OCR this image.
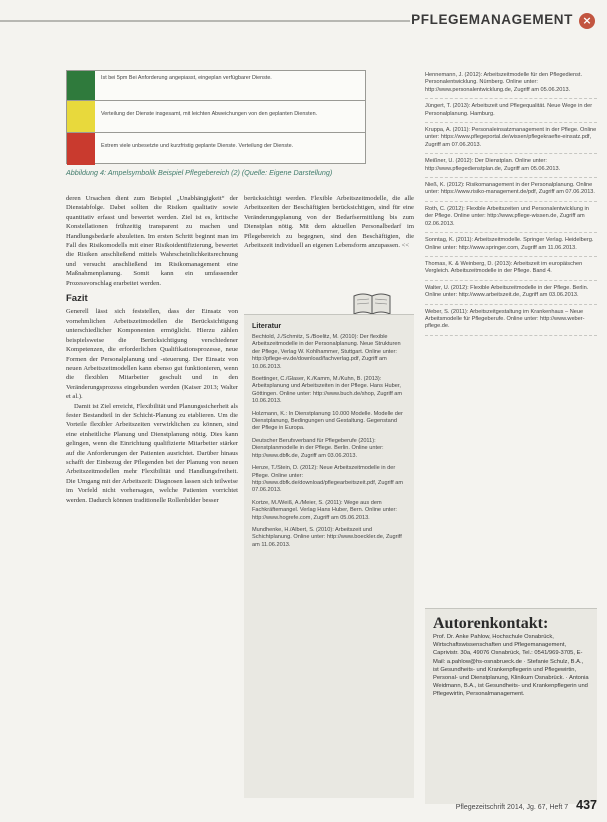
PFLEGEMANAGEMENT ×
Ist bei 5pm Bei Anforderung angepiasst, eingeplan verfügbarer Dienste.
Verteilung der Dienste insgesamt, mit leichten Abweichungen von den geplanten Diensten.
Extrem viele unbesetzte und kurzfristig geplante Dienste. Verteilung der Dienste.
Abbildung 4: Ampelsymbolik Beispiel Pflegebereich (2) (Quelle: Eigene Darstellung)

deren Ursachen dient zum Beispiel „Unabhängigkeit“ der Dienstabfolge. Dabei sollten die Risiken qualitativ sowie quantitativ erfasst und bewertet werden. Ziel ist es, kritische Konstellationen frühzeitig transparent zu machen und Handlungsbedarfe abzuleiten. Im ersten Schritt beginnt man im Fall des Risikomodells mit einer Risikoidentifizierung, bewertet die Risiken anschließend mittels Wahrscheinlichkeitsrechnung und versucht anschließend im Risikomanagement eine Maßnahmenplanung. Somit kann ein umfassender Prozessvorschlag erarbeitet werden.

Fazit

Generell lässt sich feststellen, dass der Einsatz von vornehmlichen Arbeitszeitmodellen die Berücksichtigung unterschiedlicher Komponenten ermöglicht. Hierzu zählen beispielsweise die Berücksichtigung verschiedener Kompetenzen, die erforderlichen Qualifikationsprozesse, neue Formen der Personalplanung und -steuerung. Der Einsatz von neuen Arbeitszeitmodellen kann ebenso gut funktionieren, wenn die flexiblen Mitarbeiter geschult und in den Veränderungsprozess eingebunden werden (Kaiser 2013; Walter et al.).

Damit ist Ziel erreicht, Flexibilität und Planungssicherheit als fester Bestandteil in der Schicht-Planung zu etablieren. Um die Vorteile flexibler Arbeitszeiten verwirklichen zu können, sind eine einheitliche Planung und Dienstplanung nötig. Dies kann gelingen, wenn die Einrichtung qualifizierte Mitarbeiter stärker auf die Anforderungen der Patienten ausrichtet. Darüber hinaus schafft der Einbezug der Pflegenden bei der Planung von neuen Arbeitszeitmodellen mehr Flexibilität und Handlungsfreiheit. Die Umgang mit der Arbeitszeit: Diagnosen lassen sich teilweise im Vorfeld nicht vorhersagen, welche Patienten vorrichtet werden. Dadurch können traditionelle Rollenbilder besser

berücksichtigt werden. Flexible Arbeitszeitmodelle, die alle Arbeitszeiten der Beschäftigten berücksichtigen, sind für eine Veränderungsplanung von der Bedarfsermittlung bis zum Dienstplan nötig. Mit dem aktuellen Personalbedarf im Pflegebereich zu begegnen, sind den Beschäftigten, die Arbeitszeit individuell an eigenen Lebensform anzupassen. <<

Literatur
Bechtold, J./Schmitz, S./Boelitz, M. (2010): Der flexible Arbeitszeitmodelle in der Personalplanung. Neue Strukturen der Pflege, Verlag W. Kohlhammer, Stuttgart. Online unter: http://pflege-ev.de/download/fachverlag.pdf, Zugriff am 10.06.2013.
Boettinger, C./Glaser, K./Kamm, M./Kuhn, B. (2013): Arbeitsplanung und Arbeitszeiten in der Pflege. Hans Huber, Göttingen. Online unter: http://www.buch.de/shop, Zugriff am 10.06.2013.
Holzmann, K.: In Dienstplanung 10.000 Modelle. Modelle der Dienstplanung, Bedingungen und Gestaltung. Gegenstand der Pflege in Europa.
Deutscher Berufsverband für Pflegeberufe (2011): Dienstplanmodelle in der Pflege. Berlin. Online unter: http://www.dbfk.de, Zugriff am 03.06.2013.
Henze, T./Stein, D. (2012): Neue Arbeitszeitmodelle in der Pflege. Online unter: http://www.dbfk.de/download/pflegearbeitszeit.pdf, Zugriff am 07.06.2013.
Kortze, M./Weiß, A./Meier, S. (2011): Wege aus dem Fachkräftemangel. Verlag Hans Huber, Bern. Online unter: http://www.hogrefe.com, Zugriff am 05.06.2013.
Mundhenke, H./Albert, S. (2010): Arbeitszeit und Schichtplanung. Online unter: http://www.boeckler.de, Zugriff am 11.06.2013.
Hennemann, J. (2012): Arbeitszeitmodelle für den Pflegedienst. Personalentwicklung. Nürnberg. Online unter: http://www.personalentwicklung.de, Zugriff am 05.06.2013.
Jüngert, T. (2013): Arbeitszeit und Pflegequalität. Neue Wege in der Personalplanung. Hamburg.
Kruppa, A. (2011): Personaleinsatzmanagement in der Pflege. Online unter: https://www.pflegeportal.de/wissen/pflegekraefte-einsatz.pdf, Zugriff am 07.06.2013.
Meißner, U. (2012): Der Dienstplan. Online unter: http://www.pflegedienstplan.de, Zugriff am 05.06.2013.
Nieß, K. (2012): Risikomanagement in der Personalplanung. Online unter: https://www.risiko-management.de/pdf, Zugriff am 07.06.2013.
Roth, C. (2012): Flexible Arbeitszeiten und Personalentwicklung in der Pflege. Online unter: http://www.pflege-wissen.de, Zugriff am 02.06.2013.
Sonntag, K. (2011): Arbeitszeitmodelle. Springer Verlag. Heidelberg. Online unter: http://www.springer.com, Zugriff am 11.06.2013.
Thomas, K. & Weinberg, D. (2013): Arbeitszeit im europäischen Vergleich. Arbeitszeitmodelle in der Pflege. Band 4.
Walter, U. (2012): Flexible Arbeitszeitmodelle in der Pflege. Berlin. Online unter: http://www.arbeitszeit.de, Zugriff am 03.06.2013.
Weber, S. (2011): Arbeitszeitgestaltung im Krankenhaus – Neue Arbeitsmodelle für Pflegeberufe. Online unter: http://www.weber-pflege.de.
Autorenkontakt:
Prof. Dr. Anke Pahlow, Hochschule Osnabrück, Wirtschaftswissenschaften und Pflegemanagement, Caprivistr. 30a, 49076 Osnabrück, Tel.: 0541/969-3705, E-Mail: a.pahlow@hs-osnabrueck.de · Stefanie Schulz, B.A., ist Gesundheits- und Krankenpflegerin und Pflegewirtin, Personal- und Dienstplanung, Klinikum Osnabrück. · Antonia Weidmann, B.A., ist Gesundheits- und Krankenpflegerin und Pflegewirtin, Personalmanagement.
Pflegezeitschrift 2014, Jg. 67, Heft 7 437
